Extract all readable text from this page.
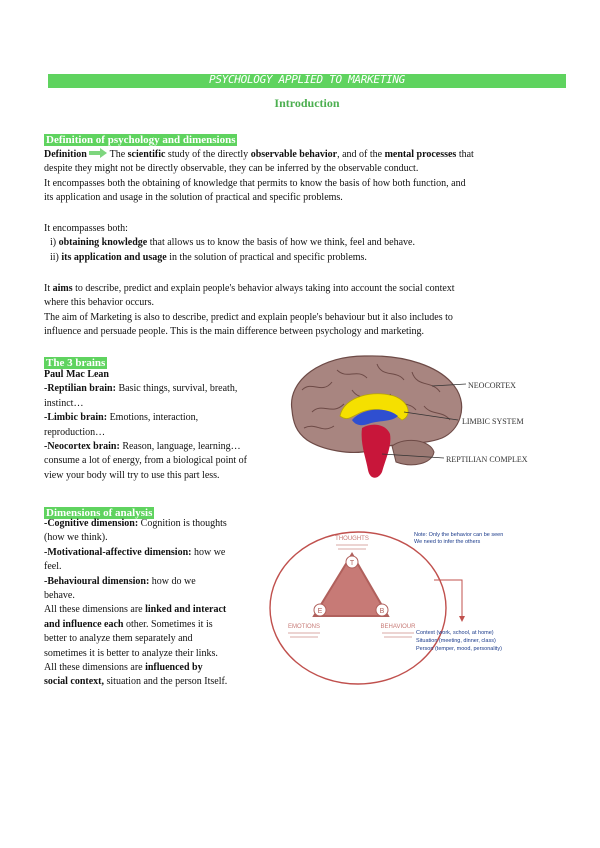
PSYCHOLOGY APPLIED TO MARKETING
Introduction
Definition of psychology and dimensions

Definition  The scientific study of the directly observable behavior, and of the mental processes that

despite they might not be directly observable, they can be inferred by the observable conduct.

It encompasses both the obtaining of knowledge that permits to know the basis of how both function, and

its application and usage in the solution of practical and specific problems.

It encompasses both:

i) obtaining knowledge that allows us to know the basis of how we think, feel and behave.

ii) its application and usage in the solution of practical and specific problems.

It aims to describe, predict and explain people's behavior always taking into account the social context

where this behavior occurs.

The aim of Marketing is also to describe, predict and explain people's behaviour but it also includes to

influence and persuade people. This is the main difference between psychology and marketing.

The 3 brains

Paul Mac Lean

-Reptilian brain: Basic things, survival, breath,

instinct…

-Limbic brain: Emotions, interaction,

reproduction…

-Neocortex brain: Reason, language, learning…

consume a lot of energy, from a biological point of

view your body will try to use this part less.

NEOCORTEX
LIMBIC SYSTEM
REPTILIAN COMPLEX
Dimensions of analysis

-Cognitive dimension: Cognition is thoughts

(how we think).

-Motivational-affective dimension: how we

feel.

-Behavioural dimension: how do we

behave.

All these dimensions are linked and interact

and influence each other. Sometimes it is

better to analyze them separately and

sometimes it is better to analyze their links.

All these dimensions are influenced by

social context, situation and the person Itself.

T
E	B
THOUGHTS
EMOTIONS	BEHAVIOUR
Note: Only the behavior can be seen
We need to infer the others
Context (work, school, at home)
Situation (meeting, dinner, class)
Person (temper, mood, personality)
